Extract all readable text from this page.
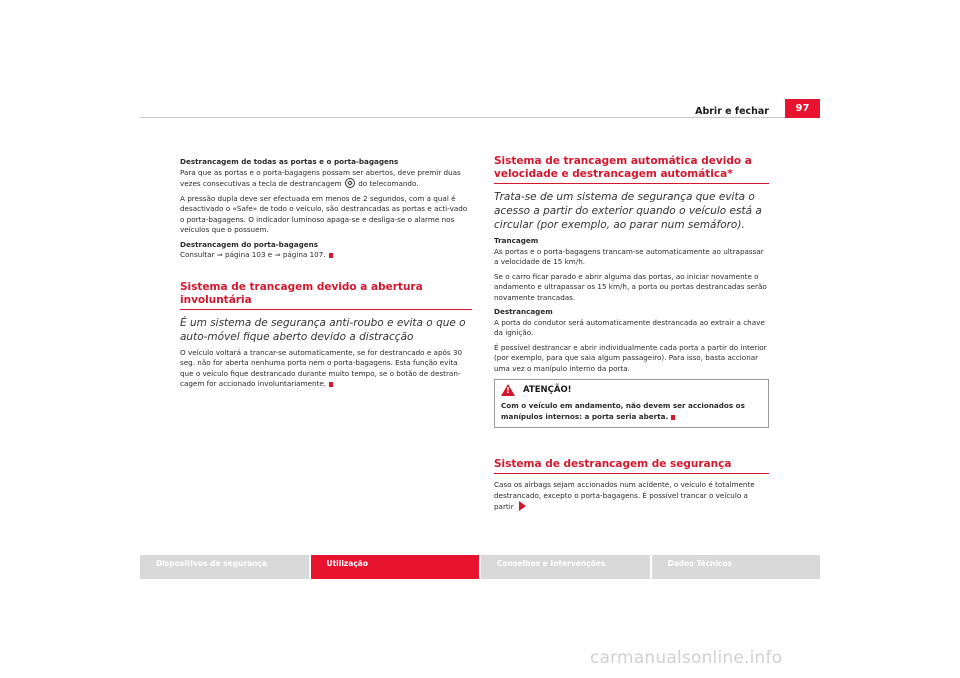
Abrir e fechar	97

Destrancagem de todas as portas e o porta-bagagens

Para que as portas e o porta-bagagens possam ser abertos, deve premir duas vezes consecutivas a tecla de destrancagem do telecomando.

A pressão dupla deve ser efectuada em menos de 2 segundos, com a qual é desactivado o «Safe» de todo o veículo, são destrancadas as portas e acti-vado o porta-bagagens. O indicador luminoso apaga-se e desliga-se o alarme nos veículos que o possuem.

Destrancagem do porta-bagagens

Consultar ⇒ página 103 e ⇒ página 107.

Sistema de trancagem devido a abertura involuntária
É um sistema de segurança anti-roubo e evita o que o auto-móvel fique aberto devido a distracção

O veículo voltará a trancar-se automaticamente, se for destrancado e após 30 seg. não for aberta nenhuma porta nem o porta-bagagens. Esta função evita que o veículo fique destrancado durante muito tempo, se o botão de destran-cagem for accionado involuntariamente.

Sistema de trancagem automática devido a velocidade e destrancagem automática*
Trata-se de um sistema de segurança que evita o acesso a partir do exterior quando o veículo está a circular (por exemplo, ao parar num semáforo).

Trancagem

As portas e o porta-bagagens trancam-se automaticamente ao ultrapassar a velocidade de 15 km/h.

Se o carro ficar parado e abrir alguma das portas, ao iniciar novamente o andamento e ultrapassar os 15 km/h, a porta ou portas destrancadas serão novamente trancadas.

Destrancagem

A porta do condutor será automaticamente destrancada ao extrair a chave da ignição.

É possível destrancar e abrir individualmente cada porta a partir do interior (por exemplo, para que saia algum passageiro). Para isso, basta accionar uma vez o manípulo interno da porta.

! ATENÇÃO!

Com o veículo em andamento, não devem ser accionados os manípulos internos: a porta seria aberta.

Sistema de destrancagem de segurança

Caso os airbags sejam accionados num acidente, o veículo é totalmente destrancado, excepto o porta-bagagens. É possível trancar o veículo a partir

Dispositivos de segurança	Utilização	Conselhos e Intervenções	Dados Técnicos
carmanualsonline.info
